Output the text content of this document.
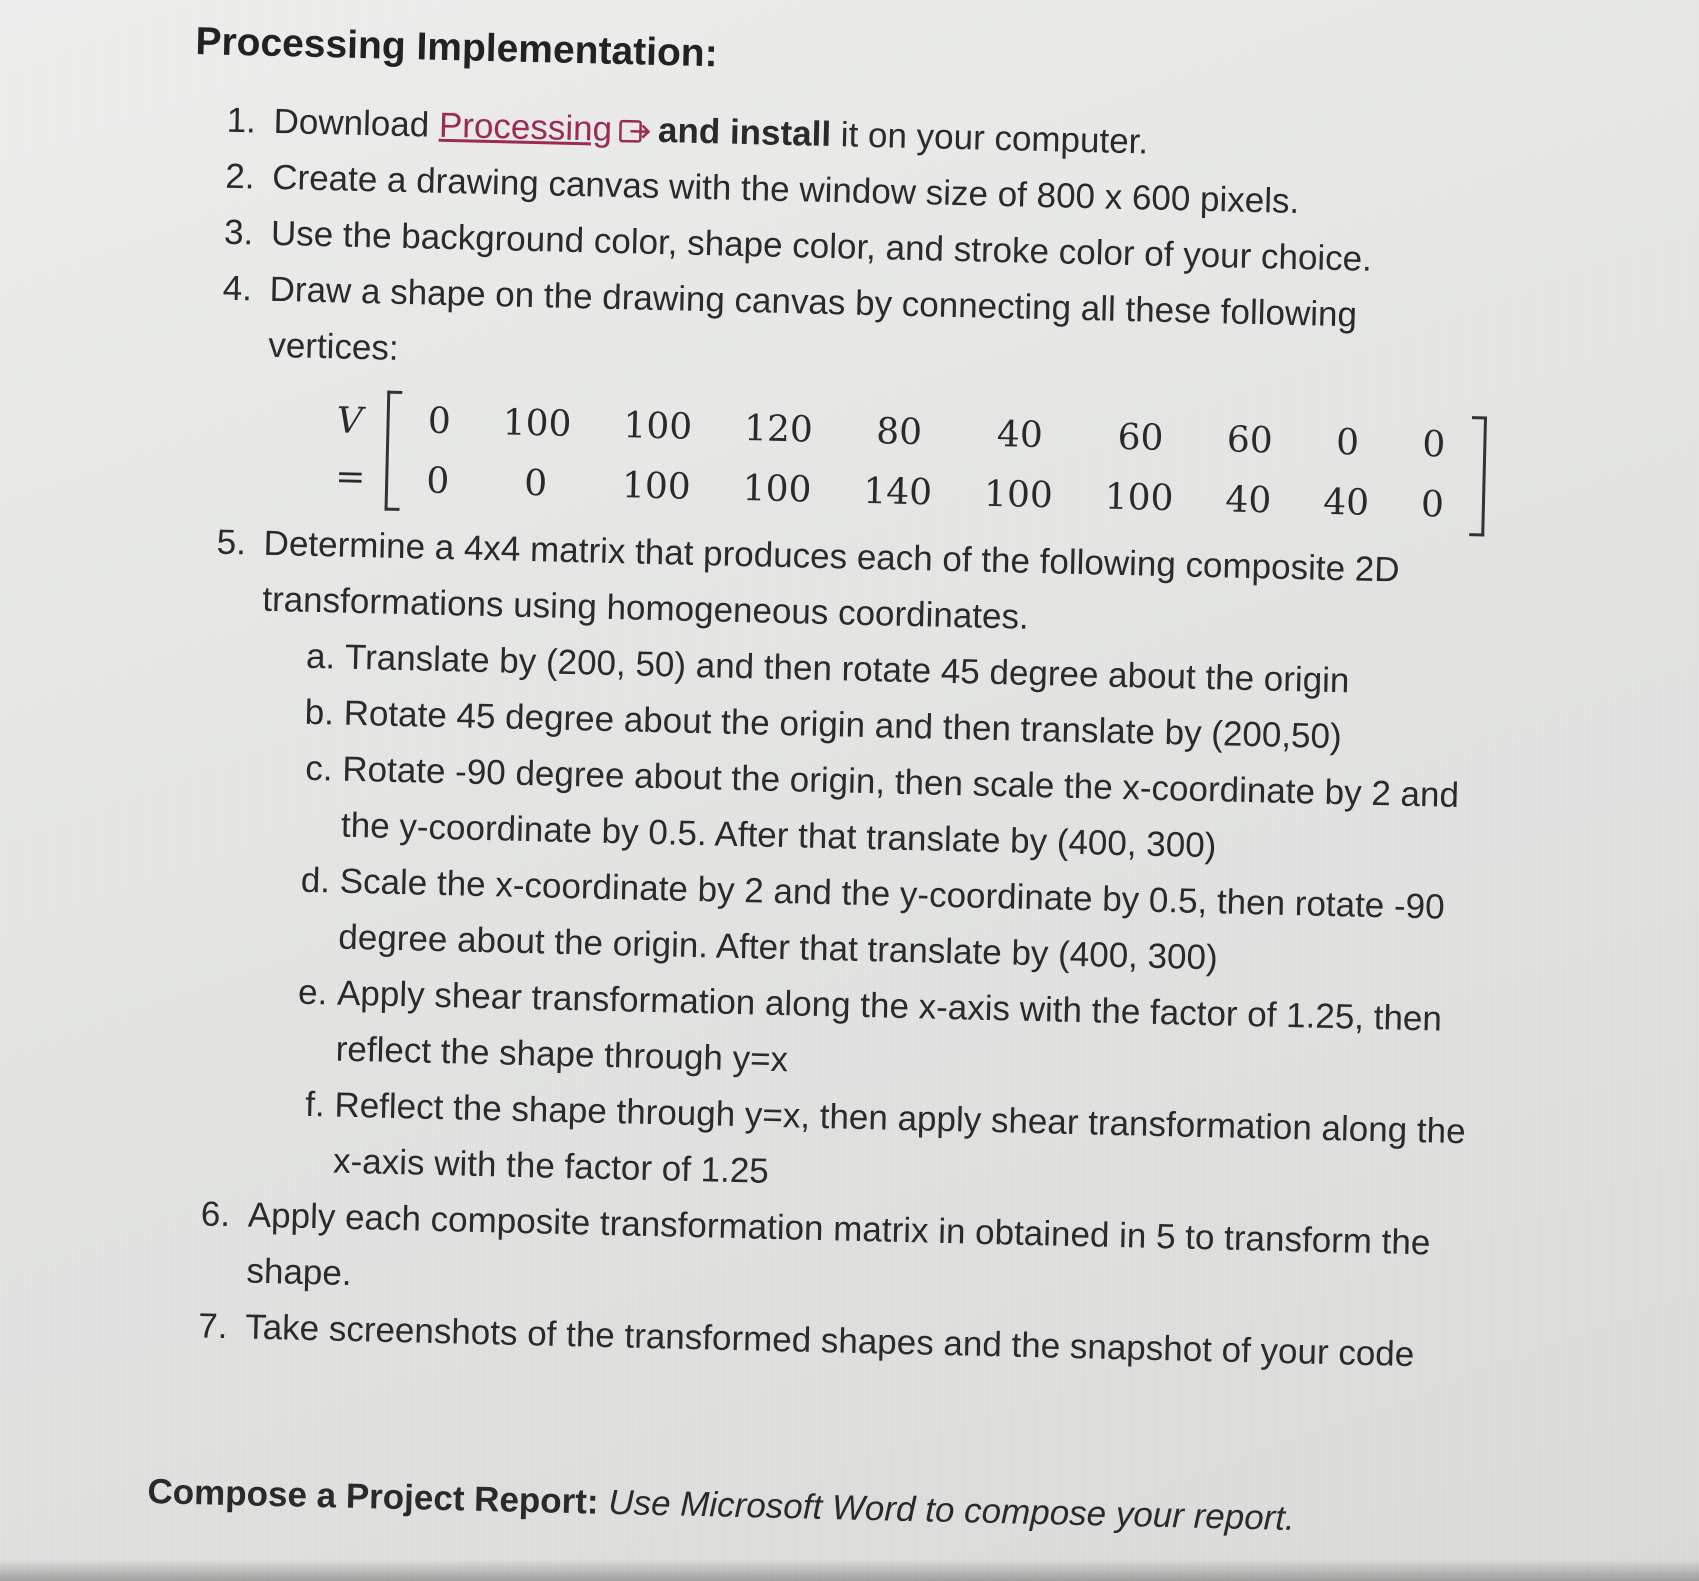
Processing Implementation:
1. Download Processing and install it on your computer.
2. Create a drawing canvas with the window size of 800 x 600 pixels.
3. Use the background color, shape color, and stroke color of your choice.
4. Draw a shape on the drawing canvas by connecting all these following vertices:
V =
0	100	100	120	80	40	60	60	0	0
0	0	100	100	140	100	100	40	40	0
5. Determine a 4x4 matrix that produces each of the following composite 2D transformations using homogeneous coordinates.
a. Translate by (200, 50) and then rotate 45 degree about the origin
b. Rotate 45 degree about the origin and then translate by (200,50)
c. Rotate -90 degree about the origin, then scale the x-coordinate by 2 and the y-coordinate by 0.5. After that translate by (400, 300)
d. Scale the x-coordinate by 2 and the y-coordinate by 0.5, then rotate -90 degree about the origin. After that translate by (400, 300)
e. Apply shear transformation along the x-axis with the factor of 1.25, then reflect the shape through y=x
f. Reflect the shape through y=x, then apply shear transformation along the x-axis with the factor of 1.25
6. Apply each composite transformation matrix in obtained in 5 to transform the shape.
7. Take screenshots of the transformed shapes and the snapshot of your code
Compose a Project Report: Use Microsoft Word to compose your report.
